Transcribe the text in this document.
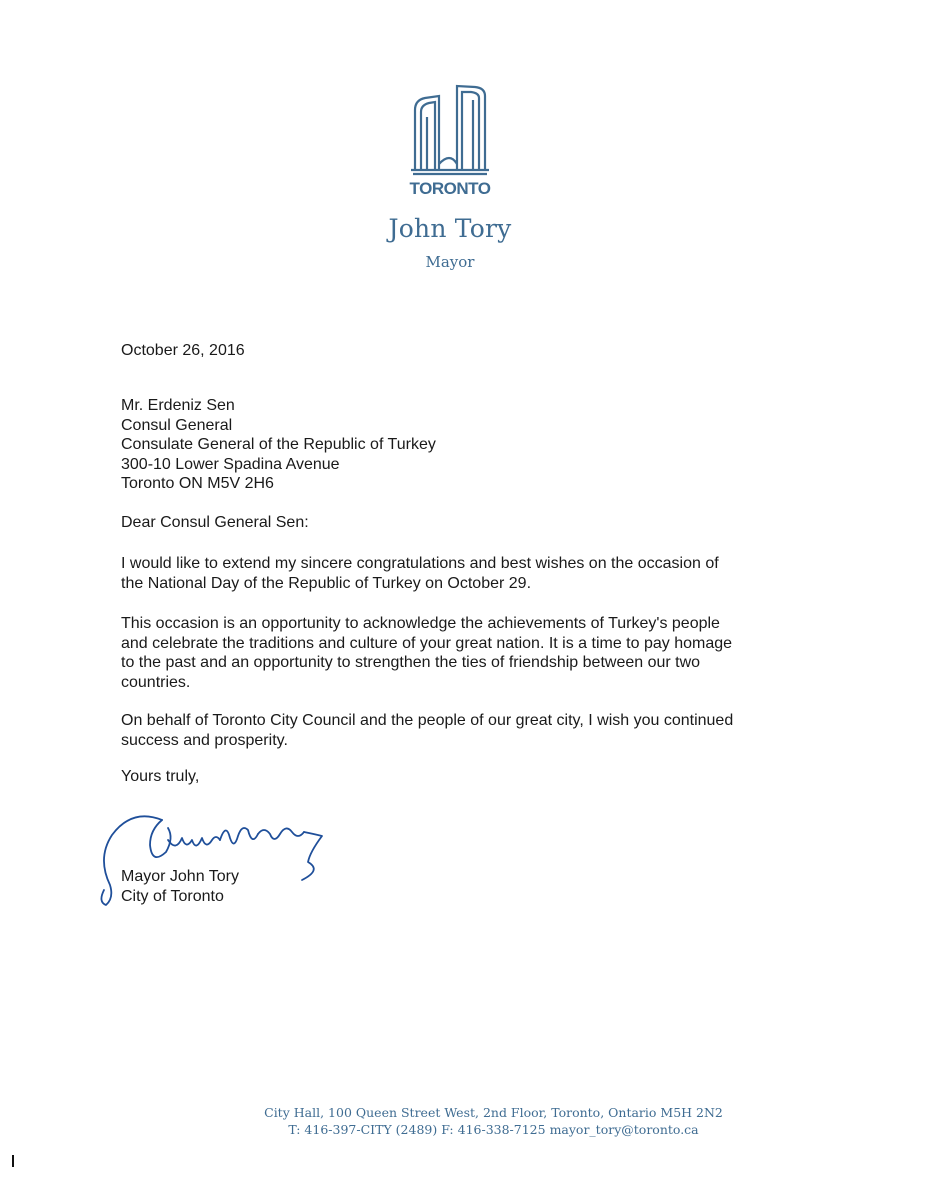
TORONTO
John Tory
Mayor
October 26, 2016
Mr. Erdeniz Sen
Consul General
Consulate General of the Republic of Turkey
300-10 Lower Spadina Avenue
Toronto ON M5V 2H6
Dear Consul General Sen:
I would like to extend my sincere congratulations and best wishes on the occasion of
the National Day of the Republic of Turkey on October 29.
This occasion is an opportunity to acknowledge the achievements of Turkey's people
and celebrate the traditions and culture of your great nation. It is a time to pay homage
to the past and an opportunity to strengthen the ties of friendship between our two
countries.
On behalf of Toronto City Council and the people of our great city, I wish you continued
success and prosperity.
Yours truly,
Mayor John Tory
City of Toronto
City Hall, 100 Queen Street West, 2nd Floor, Toronto, Ontario M5H 2N2
T: 416-397-CITY (2489) F: 416-338-7125 mayor_tory@toronto.ca
